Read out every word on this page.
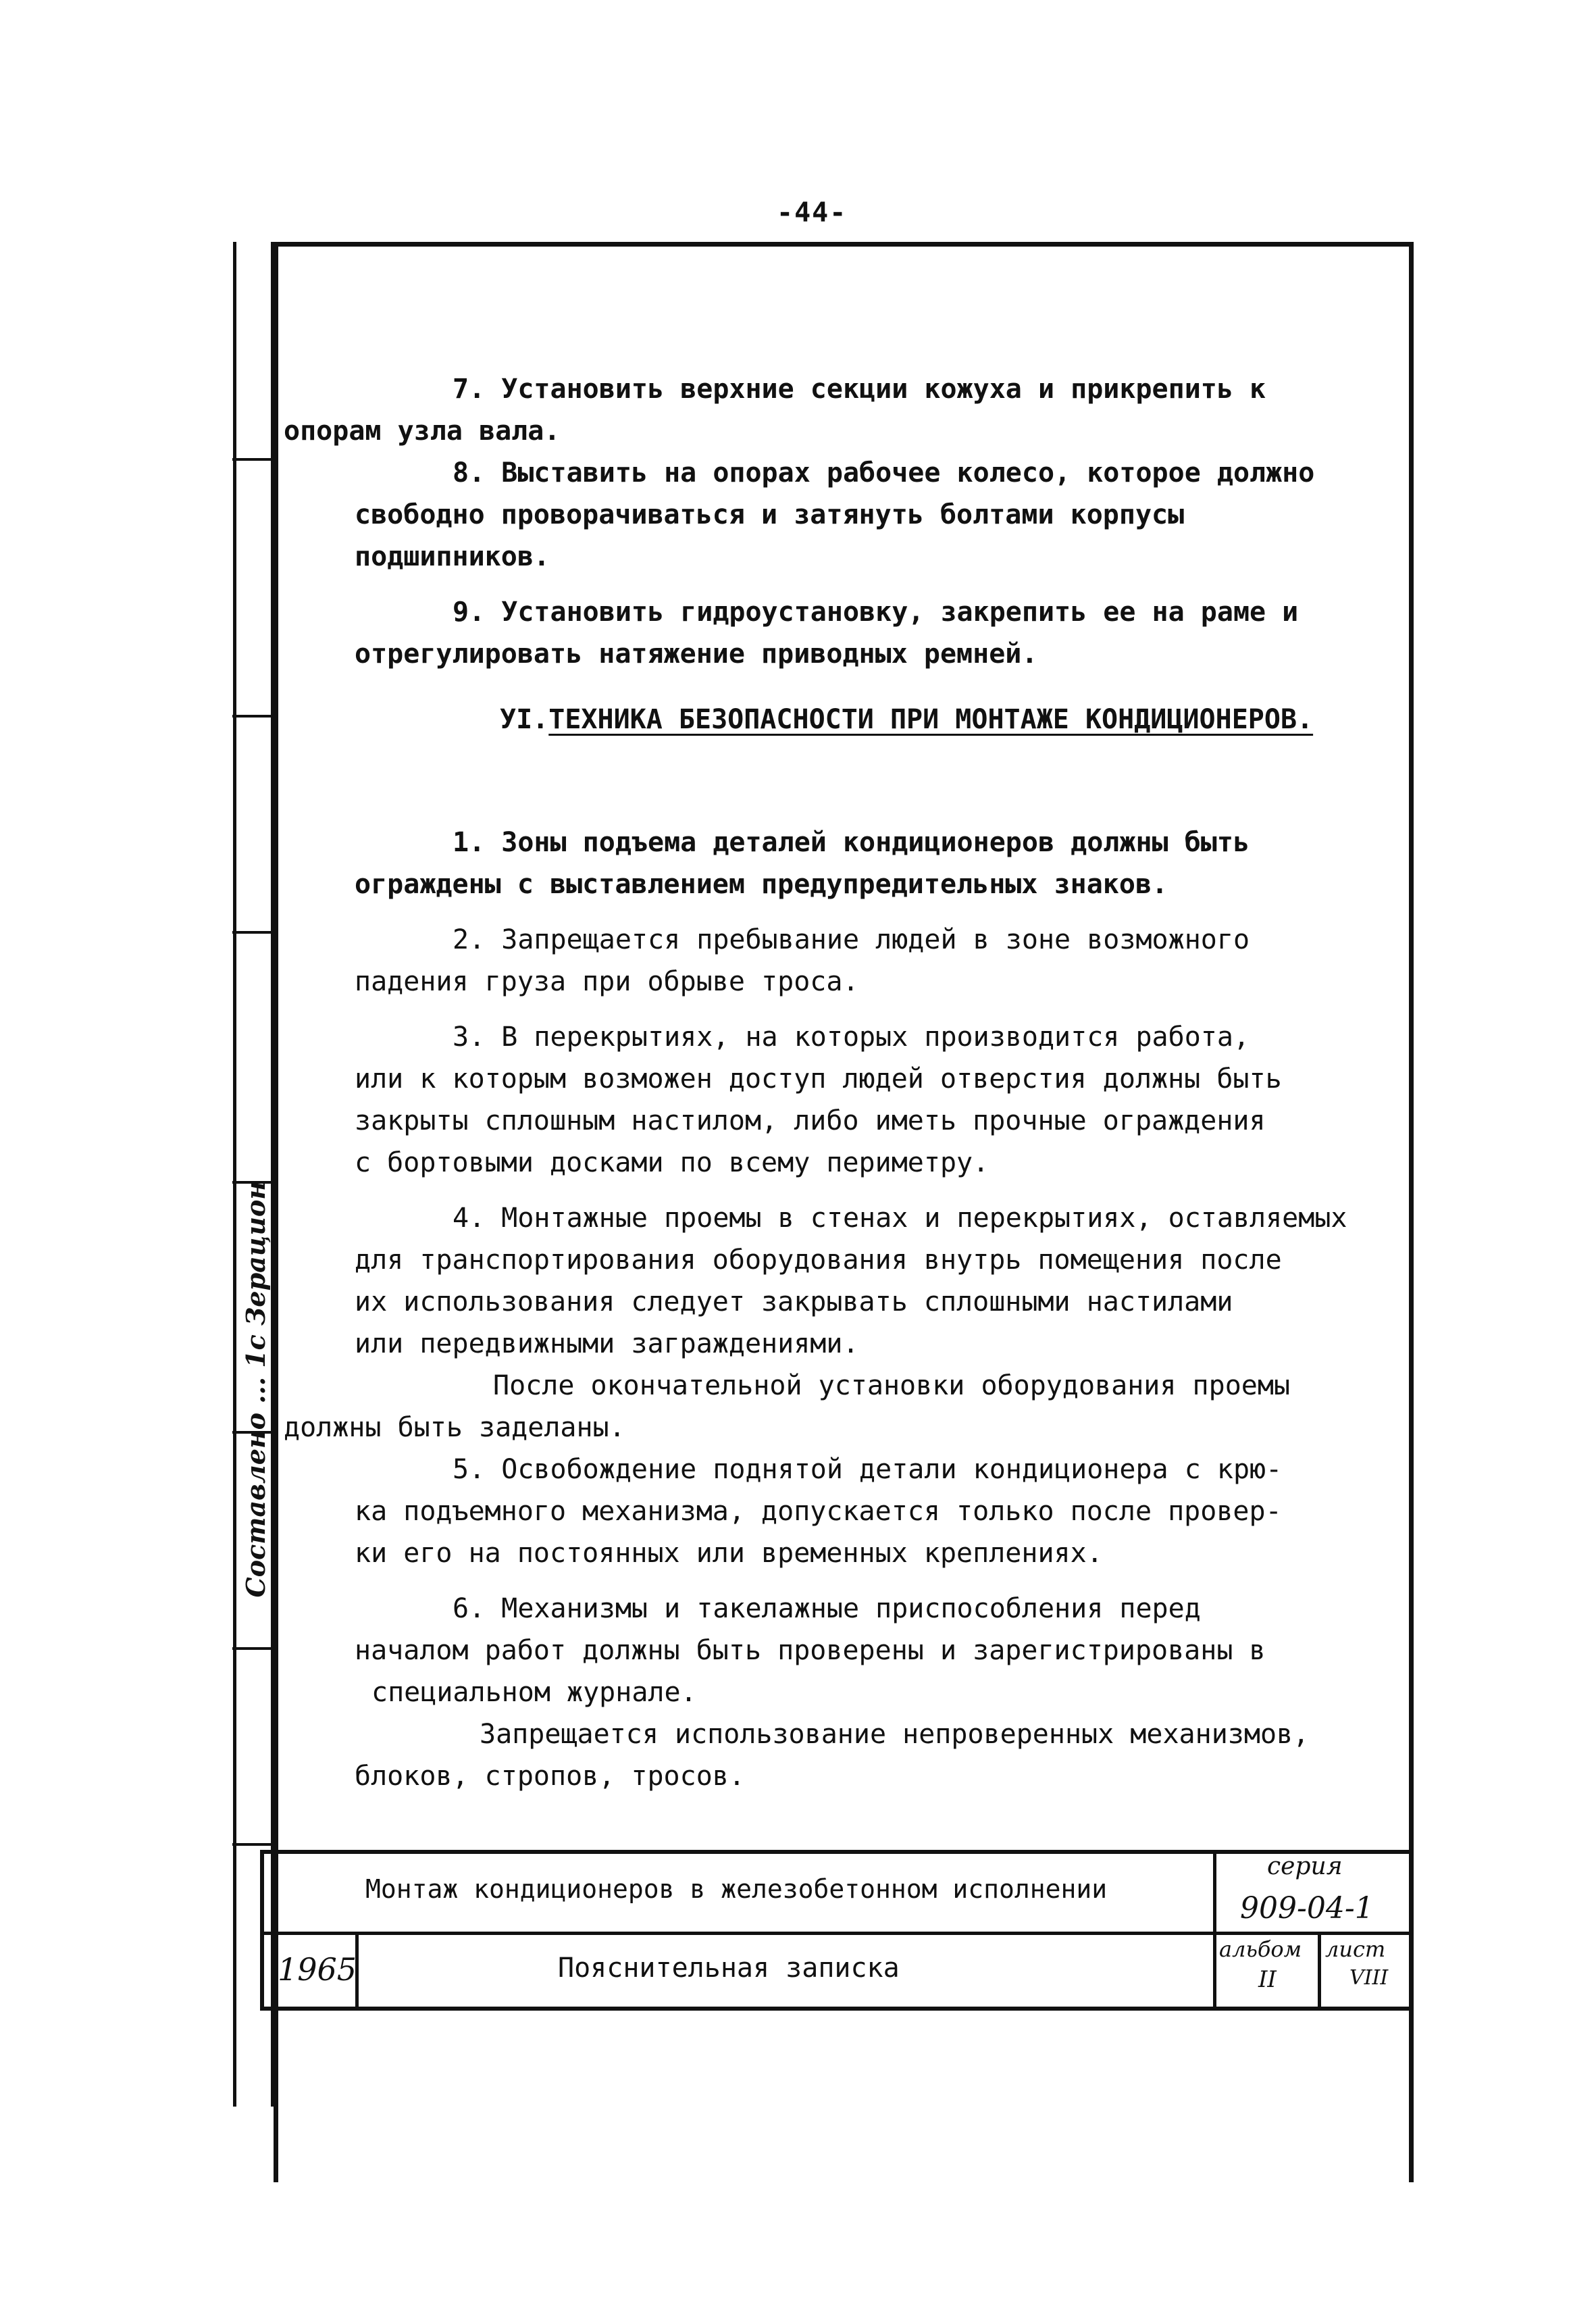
-44-
Составлено ... 1с Зерацион
7. Установить верхние секции кожуха и прикрепить к
опорам узла вала.
8. Выставить на опорах рабочее колесо, которое должно
свободно проворачиваться и затянуть болтами корпусы
подшипников.
9. Установить гидроустановку, закрепить ее на раме и
отрегулировать натяжение приводных ремней.
УІ.ТЕХНИКА БЕЗОПАСНОСТИ ПРИ МОНТАЖЕ КОНДИЦИОНЕРОВ.
1. Зоны подъема деталей кондиционеров должны быть
ограждены с выставлением предупредительных знаков.
2. Запрещается пребывание людей в зоне возможного
падения груза при обрыве троса.
3. В перекрытиях, на которых производится работа,
или к которым возможен доступ людей отверстия должны быть
закрыты сплошным настилом, либо иметь прочные ограждения
с бортовыми досками по всему периметру.
4. Монтажные проемы в стенах и перекрытиях, оставляемых
для транспортирования оборудования внутрь помещения после
их использования следует закрывать сплошными настилами
или передвижными заграждениями.
После окончательной установки оборудования проемы
должны быть заделаны.
5. Освобождение поднятой детали кондиционера с крю-
ка подъемного механизма, допускается только после провер-
ки его на постоянных или временных креплениях.
6. Механизмы и такелажные приспособления перед
началом работ должны быть проверены и зарегистрированы в
специальном журнале.
Запрещается использование непроверенных механизмов,
блоков, стропов, тросов.
Монтаж кондиционеров в железобетонном исполнении
серия
909-04-1
1965	Пояснительная записка
альбом
II
лист
VIII
